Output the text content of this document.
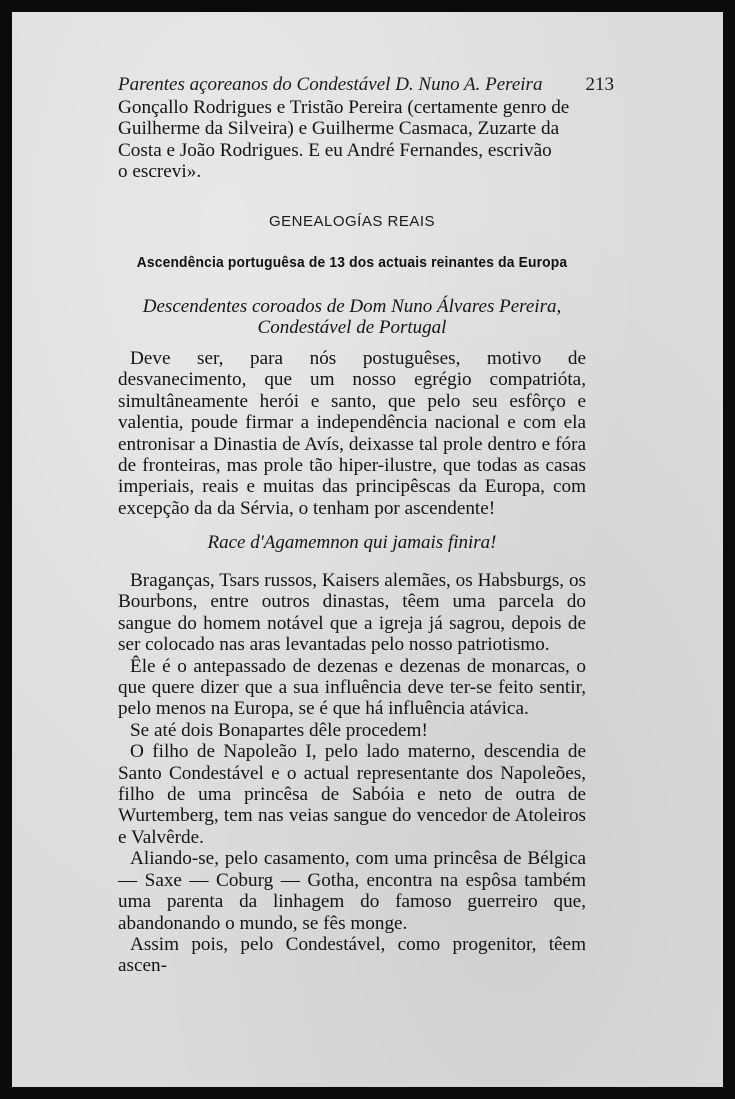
Parentes açoreanos do Condestável D. Nuno A. Pereira 213

Gonçallo Rodrigues e Tristão Pereira (certamente genro de

Guilherme da Silveira) e Guilherme Casmaca, Zuzarte da

Costa e João Rodrigues. E eu André Fernandes, escrivão

o escrevi».

GENEALOGÍAS REAIS
Ascendência portuguêsa de 13 dos actuais reinantes da Europa
Descendentes coroados de Dom Nuno Álvares Pereira,
Condestável de Portugal

Deve ser, para nós postuguêses, motivo de desvanecimento, que um nosso egrégio compatrióta, simultâneamente herói e santo, que pelo seu esfôrço e valentia, poude firmar a independência nacional e com ela entronisar a Dinastia de Avís, deixasse tal prole dentro e fóra de fronteiras, mas prole tão hiper-ilustre, que todas as casas imperiais, reais e muitas das principêscas da Europa, com excepção da da Sérvia, o tenham por ascendente!

Race d'Agamemnon qui jamais finira!

Braganças, Tsars russos, Kaisers alemães, os Habsburgs, os Bourbons, entre outros dinastas, têem uma parcela do sangue do homem notável que a igreja já sagrou, depois de ser colocado nas aras levantadas pelo nosso patriotismo.

Êle é o antepassado de dezenas e dezenas de monarcas, o que quere dizer que a sua influência deve ter-se feito sentir, pelo menos na Europa, se é que há influência atávica.

Se até dois Bonapartes dêle procedem!

O filho de Napoleão I, pelo lado materno, descendia de Santo Condestável e o actual representante dos Napoleões, filho de uma princêsa de Sabóia e neto de outra de Wurtemberg, tem nas veias sangue do vencedor de Atoleiros e Valvêrde.

Aliando-se, pelo casamento, com uma princêsa de Bélgica — Saxe — Coburg — Gotha, encontra na espôsa também uma parenta da linhagem do famoso guerreiro que, abandonando o mundo, se fês monge.

Assim pois, pelo Condestável, como progenitor, têem ascen-
